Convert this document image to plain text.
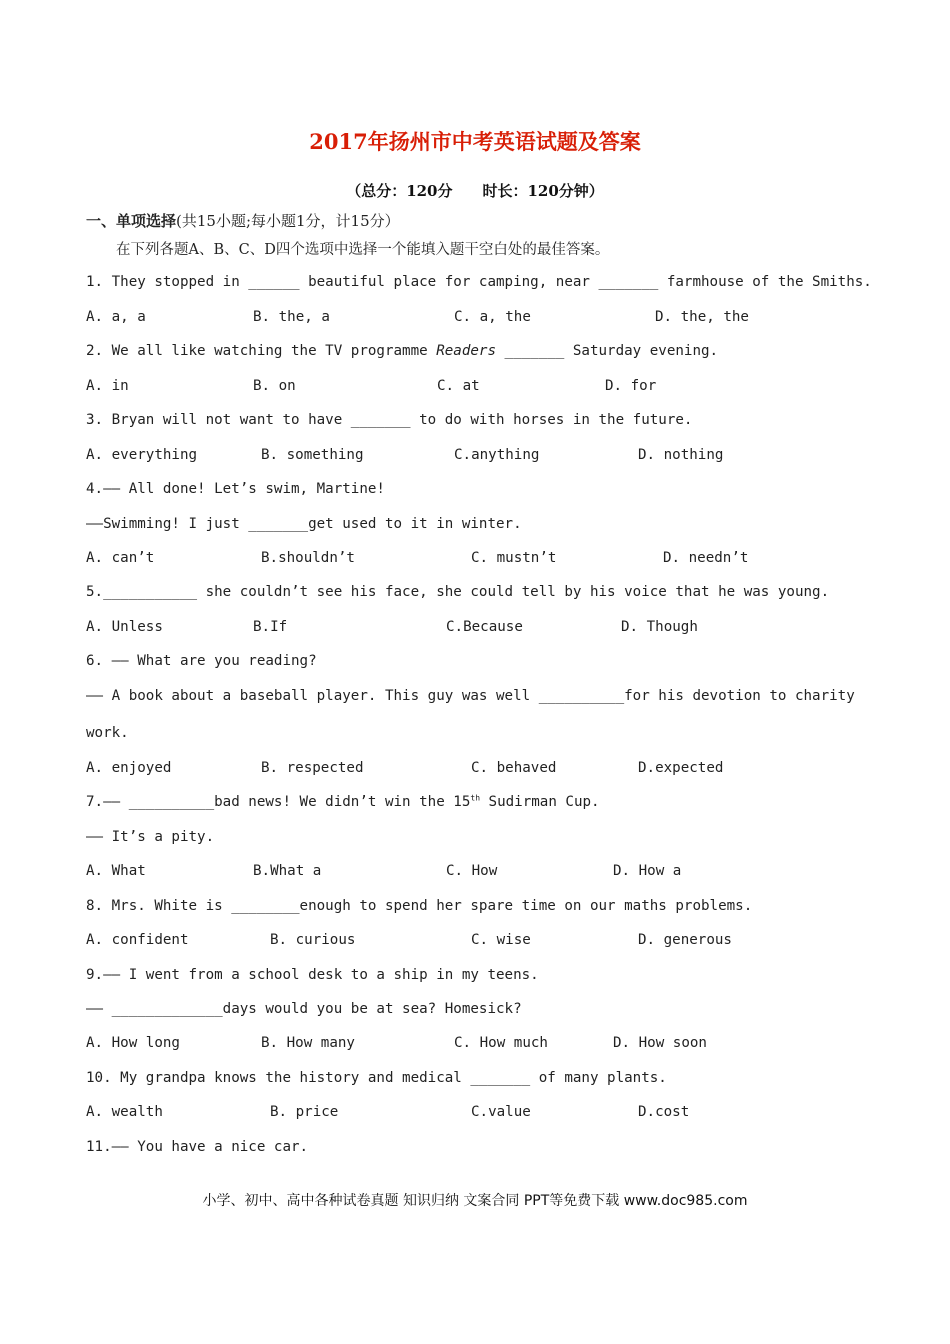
2017年扬州市中考英语试题及答案
（总分：120分 时长：120分钟）
一、单项选择(共15小题;每小题1分，计15分）
在下列各题A、B、C、D四个选项中选择一个能填入题干空白处的最佳答案。
1. They stopped in ______ beautiful place for camping, near _______ farmhouse of the Smiths.
A. a, a	B. the, a	C. a, the	D. the, the
2. We all like watching the TV programme Readers _______ Saturday evening.
A. in	B. on	C. at	D. for
3. Bryan will not want to have _______ to do with horses in the future.
A. everything	B. something	C.anything	D. nothing
4.—— All done! Let’s swim, Martine!
——Swimming! I just _______get used to it in winter.
A. can’t	B.shouldn’t	C. mustn’t	D. needn’t
5.___________ she couldn’t see his face, she could tell by his voice that he was young.
A. Unless	B.If	C.Because	D. Though
6. —— What are you reading?
—— A book about a baseball player. This guy was well __________for his devotion to charity
work.
A. enjoyed	B. respected	C. behaved	D.expected
7.—— __________bad news! We didn’t win the 15th Sudirman Cup.
—— It’s a pity.
A. What	B.What a	C. How	D. How a
8. Mrs. White is ________enough to spend her spare time on our maths problems.
A. confident	B. curious	C. wise	D. generous
9.—— I went from a school desk to a ship in my teens.
—— _____________days would you be at sea? Homesick?
A. How long	B. How many	C. How much	D. How soon
10. My grandpa knows the history and medical _______ of many plants.
A. wealth	B. price	C.value	D.cost
11.—— You have a nice car.
小学、初中、高中各种试卷真题 知识归纳 文案合同 PPT等免费下载 www.doc985.com
